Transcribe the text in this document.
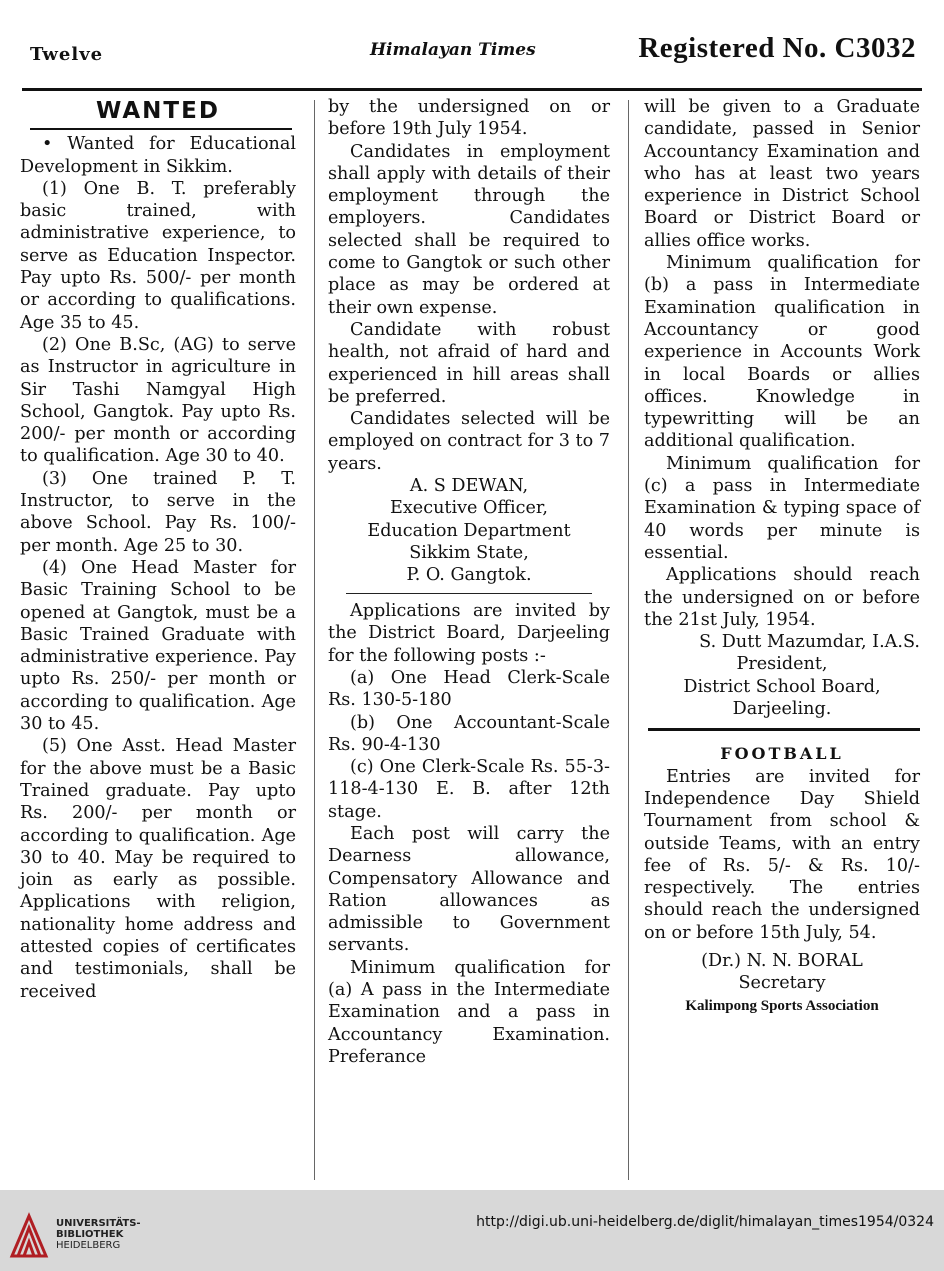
Twelve	Himalayan Times	Registered No. C3032

WANTED

• Wanted for Educational Development in Sikkim.

(1) One B. T. preferably basic trained, with administrative experience, to serve as Education Inspector. Pay upto Rs. 500/- per month or according to qualifications. Age 35 to 45.

(2) One B.Sc, (AG) to serve as Instructor in agriculture in Sir Tashi Namgyal High School, Gangtok. Pay upto Rs. 200/- per month or according to qualification. Age 30 to 40.

(3) One trained P. T. Instructor, to serve in the above School. Pay Rs. 100/- per month. Age 25 to 30.

(4) One Head Master for Basic Training School to be opened at Gangtok, must be a Basic Trained Graduate with administrative experience. Pay upto Rs. 250/- per month or according to qualification. Age 30 to 45.

(5) One Asst. Head Master for the above must be a Basic Trained graduate. Pay upto Rs. 200/- per month or according to qualification. Age 30 to 40. May be required to join as early as possible. Applications with religion, nationality home address and attested copies of certificates and testimonials, shall be received

by the undersigned on or before 19th July 1954.

Candidates in employment shall apply with details of their employment through the employers. Candidates selected shall be required to come to Gangtok or such other place as may be ordered at their own expense.

Candidate with robust health, not afraid of hard and experienced in hill areas shall be preferred.

Candidates selected will be employed on contract for 3 to 7 years.

A. S DEWAN,

Executive Officer,

Education Department

Sikkim State,

P. O. Gangtok.

Applications are invited by the District Board, Darjeeling for the following posts :-

(a) One Head Clerk-Scale Rs. 130-5-180

(b) One Accountant-Scale Rs. 90-4-130

(c) One Clerk-Scale Rs. 55-3-118-4-130 E. B. after 12th stage.

Each post will carry the Dearness allowance, Compensatory Allowance and Ration allowances as admissible to Government servants.

Minimum qualification for (a) A pass in the Intermediate Examination and a pass in Accountancy Examination. Preferance

will be given to a Graduate candidate, passed in Senior Accountancy Examination and who has at least two years experience in District School Board or District Board or allies office works.

Minimum qualification for (b) a pass in Intermediate Examination qualification in Accountancy or good experience in Accounts Work in local Boards or allies offices. Knowledge in typewritting will be an additional qualification.

Minimum qualification for (c) a pass in Intermediate Examination & typing space of 40 words per minute is essential.

Applications should reach the undersigned on or before the 21st July, 1954.

S. Dutt Mazumdar, I.A.S.

President,

District School Board,

Darjeeling.

FOOTBALL

Entries are invited for Independence Day Shield Tournament from school & outside Teams, with an entry fee of Rs. 5/- & Rs. 10/- respectively. The entries should reach the undersigned on or before 15th July, 54.

(Dr.) N. N. BORAL

Secretary

Kalimpong Sports Association

UNIVERSITÄTS-
BIBLIOTHEK
HEIDELBERG
http://digi.ub.uni-heidelberg.de/diglit/himalayan_times1954/0324
